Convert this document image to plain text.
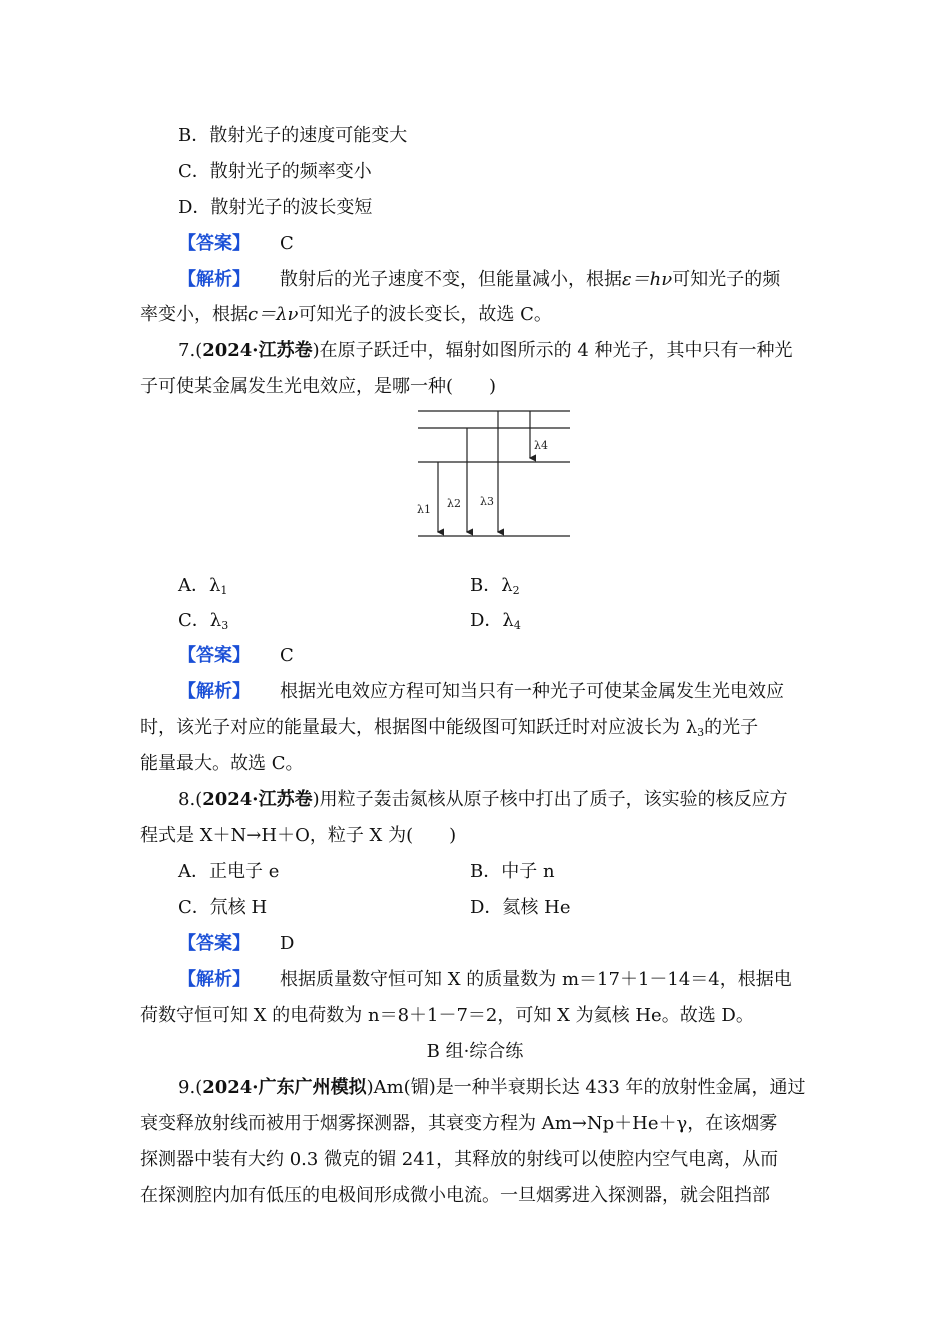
B．散射光子的速度可能变大
C．散射光子的频率变小
D．散射光子的波长变短
【答案】 C
【解析】 散射后的光子速度不变，但能量减小，根据ε＝hν可知光子的频
率变小，根据c＝λν可知光子的波长变长，故选 C。
7.(2024·江苏卷)在原子跃迁中，辐射如图所示的 4 种光子，其中只有一种光
子可使某金属发生光电效应，是哪一种(　　)
λ1 λ2 λ3
λ4
A．$\lambda_1$	B．$\lambda_2$
C．$\lambda_3$	D．$\lambda_4$
【答案】 C
【解析】 根据光电效应方程可知当只有一种光子可使某金属发生光电效应
时，该光子对应的能量最大，根据图中能级图可知跃迁时对应波长为 $\lambda_3$的光子
能量最大。故选 C。
8.(2024·江苏卷)用粒子轰击氮核从原子核中打出了质子，该实验的核反应方
程式是 X＋N→H＋O，粒子 X 为(　　)
A．正电子 e	B．中子 n
C．氘核 H	D．氦核 He
【答案】 D
【解析】 根据质量数守恒可知 X 的质量数为 m＝17＋1－14＝4，根据电
荷数守恒可知 X 的电荷数为 n＝8＋1－7＝2，可知 X 为氦核 He。故选 D。
B 组·综合练
9.(2024·广东广州模拟)Am(镅)是一种半衰期长达 433 年的放射性金属，通过
衰变释放射线而被用于烟雾探测器，其衰变方程为 Am→Np＋He＋γ，在该烟雾
探测器中装有大约 0.3 微克的镅 241，其释放的射线可以使腔内空气电离，从而
在探测腔内加有低压的电极间形成微小电流。一旦烟雾进入探测器，就会阻挡部
